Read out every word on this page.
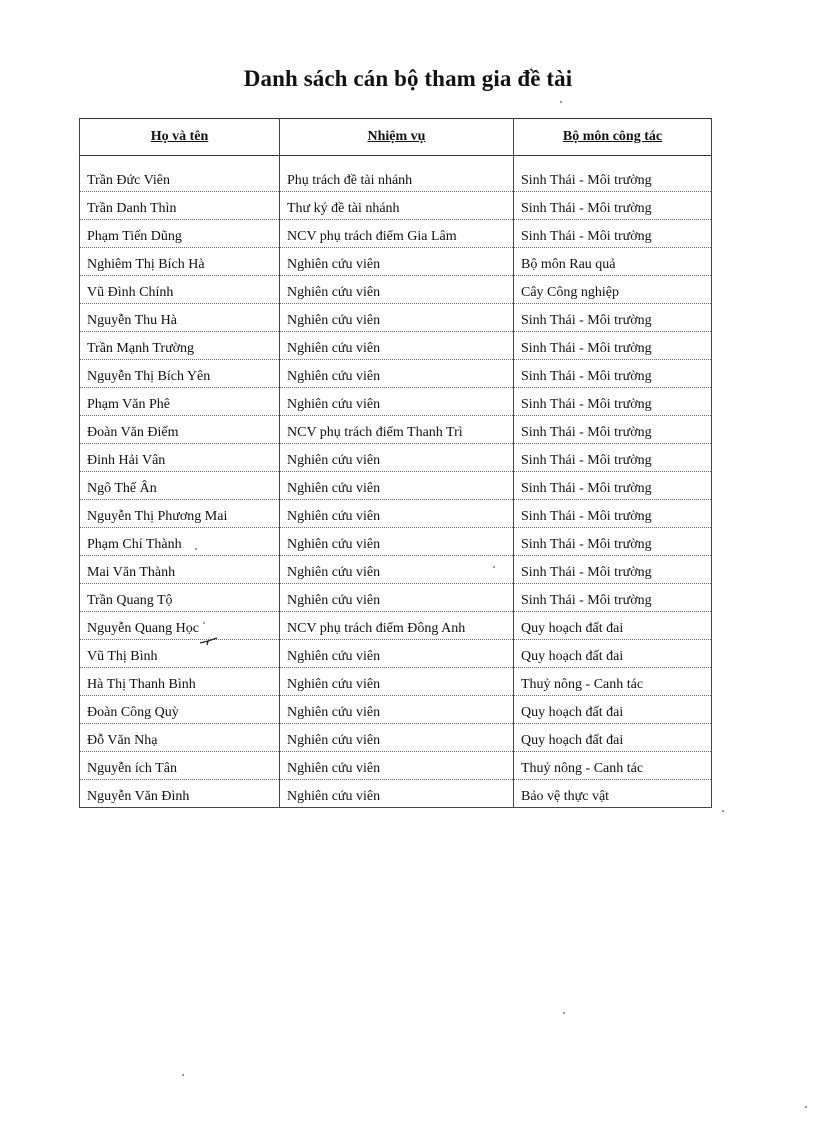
Danh sách cán bộ tham gia đề tài
Họ và tên	Nhiệm vụ	Bộ môn công tác
Trần Đức Viên	Phụ trách đề tài nhánh	Sinh Thái - Môi trường
Trần Danh Thìn	Thư ký đề tài nhánh	Sinh Thái - Môi trường
Phạm Tiến Dũng	NCV phụ trách điểm Gia Lâm	Sinh Thái - Môi trường
Nghiêm Thị Bích Hà	Nghiên cứu viên	Bộ môn Rau quả
Vũ Đình Chính	Nghiên cứu viên	Cây Công nghiệp
Nguyễn Thu Hà	Nghiên cứu viên	Sinh Thái - Môi trường
Trần Mạnh Trường	Nghiên cứu viên	Sinh Thái - Môi trường
Nguyễn Thị Bích Yên	Nghiên cứu viên	Sinh Thái - Môi trường
Phạm Văn Phê	Nghiên cứu viên	Sinh Thái - Môi trường
Đoàn Văn Điếm	NCV phụ trách điểm Thanh Trì	Sinh Thái - Môi trường
Đinh Hải Vân	Nghiên cứu viên	Sinh Thái - Môi trường
Ngô Thế Ân	Nghiên cứu viên	Sinh Thái - Môi trường
Nguyễn Thị Phương Mai	Nghiên cứu viên	Sinh Thái - Môi trường
Phạm Chí Thành	Nghiên cứu viên	Sinh Thái - Môi trường
Mai Văn Thành	Nghiên cứu viên	Sinh Thái - Môi trường
Trần Quang Tộ	Nghiên cứu viên	Sinh Thái - Môi trường
Nguyễn Quang Học	NCV phụ trách điểm Đông Anh	Quy hoạch đất đai
Vũ Thị Bình	Nghiên cứu viên	Quy hoạch đất đai
Hà Thị Thanh Bình	Nghiên cứu viên	Thuỷ nông - Canh tác
Đoàn Công Quỳ	Nghiên cứu viên	Quy hoạch đất đai
Đỗ Văn Nhạ	Nghiên cứu viên	Quy hoạch đất đai
Nguyễn ích Tân	Nghiên cứu viên	Thuỷ nông - Canh tác
Nguyễn Văn Đình	Nghiên cứu viên	Bảo vệ thực vật
